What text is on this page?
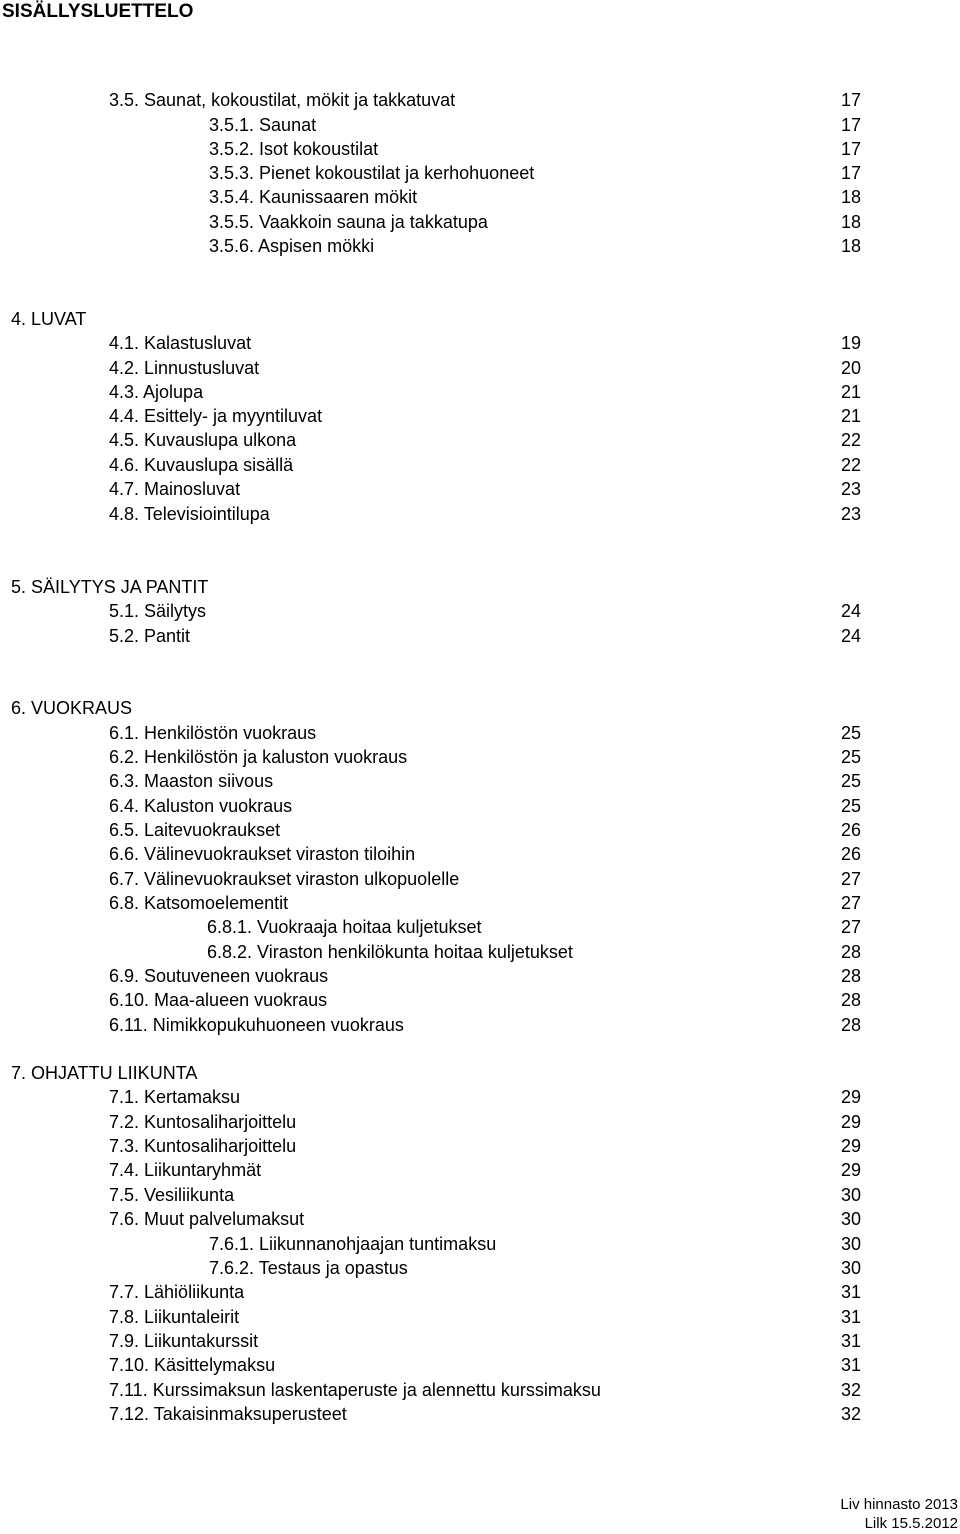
SISÄLLYSLUETTELO
3.5. Saunat, kokoustilat, mökit ja takkatuvat	17
3.5.1. Saunat	17
3.5.2. Isot kokoustilat	17
3.5.3. Pienet kokoustilat ja kerhohuoneet	17
3.5.4. Kaunissaaren mökit	18
3.5.5. Vaakkoin sauna ja takkatupa	18
3.5.6. Aspisen mökki	18
4. LUVAT
4.1. Kalastusluvat	19
4.2. Linnustusluvat	20
4.3. Ajolupa	21
4.4. Esittely- ja myyntiluvat	21
4.5. Kuvauslupa ulkona	22
4.6. Kuvauslupa sisällä	22
4.7. Mainosluvat	23
4.8. Televisiointilupa	23
5. SÄILYTYS JA PANTIT
5.1. Säilytys	24
5.2. Pantit	24
6. VUOKRAUS
6.1. Henkilöstön vuokraus	25
6.2. Henkilöstön ja kaluston vuokraus	25
6.3. Maaston siivous	25
6.4. Kaluston vuokraus	25
6.5. Laitevuokraukset	26
6.6. Välinevuokraukset viraston tiloihin	26
6.7. Välinevuokraukset viraston ulkopuolelle	27
6.8. Katsomoelementit	27
6.8.1. Vuokraaja hoitaa kuljetukset	27
6.8.2. Viraston henkilökunta hoitaa kuljetukset	28
6.9. Soutuveneen vuokraus	28
6.10. Maa-alueen vuokraus	28
6.11. Nimikkopukuhuoneen vuokraus	28
7. OHJATTU LIIKUNTA
7.1. Kertamaksu	29
7.2. Kuntosaliharjoittelu	29
7.3. Kuntosaliharjoittelu	29
7.4. Liikuntaryhmät	29
7.5. Vesiliikunta	30
7.6. Muut palvelumaksut	30
7.6.1. Liikunnanohjaajan tuntimaksu	30
7.6.2. Testaus ja opastus	30
7.7. Lähiöliikunta	31
7.8. Liikuntaleirit	31
7.9. Liikuntakurssit	31
7.10. Käsittelymaksu	31
7.11. Kurssimaksun laskentaperuste ja alennettu kurssimaksu	32
7.12. Takaisinmaksuperusteet	32
Liv hinnasto 2013
Lilk 15.5.2012
